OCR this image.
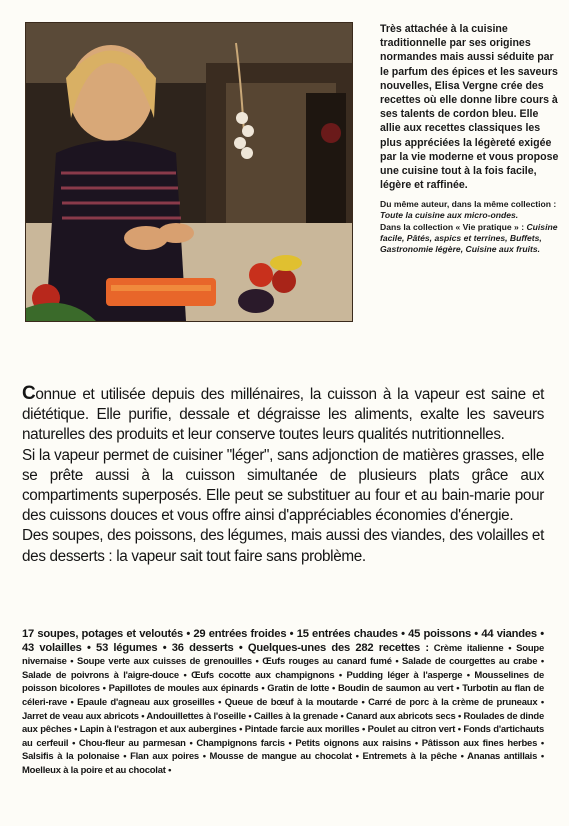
Très attachée à la cuisine traditionnelle par ses origines normandes mais aussi séduite par le parfum des épices et les saveurs nouvelles, Elisa Vergne crée des recettes où elle donne libre cours à ses talents de cordon bleu. Elle allie aux recettes classiques les plus appréciées la légèreté exigée par la vie moderne et vous propose une cuisine tout à la fois facile, légère et raffinée.

Du même auteur, dans la même collection : Toute la cuisine aux micro-ondes.

Dans la collection « Vie pratique » : Cuisine facile, Pâtés, aspics et terrines, Buffets, Gastronomie légère, Cuisine aux fruits.

Connue et utilisée depuis des millénaires, la cuisson à la vapeur est saine et diététique. Elle purifie, dessale et dégraisse les aliments, exalte les saveurs naturelles des produits et leur conserve toutes leurs qualités nutritionnelles.

Si la vapeur permet de cuisiner "léger", sans adjonction de matières grasses, elle se prête aussi à la cuisson simultanée de plusieurs plats grâce aux compartiments superposés. Elle peut se substituer au four et au bain-marie pour des cuissons douces et vous offre ainsi d'appréciables économies d'énergie.

Des soupes, des poissons, des légumes, mais aussi des viandes, des volailles et des desserts : la vapeur sait tout faire sans problème.

17 soupes, potages et veloutés • 29 entrées froides • 15 entrées chaudes • 45 poissons • 44 viandes • 43 volailles • 53 légumes • 36 desserts • Quelques-unes des 282 recettes : Crème italienne • Soupe nivernaise • Soupe verte aux cuisses de grenouilles • Œufs rouges au canard fumé • Salade de courgettes au crabe • Salade de poivrons à l'aigre-douce • Œufs cocotte aux champignons • Pudding léger à l'asperge • Mousselines de poisson bicolores • Papillotes de moules aux épinards • Gratin de lotte • Boudin de saumon au vert • Turbotin au flan de céleri-rave • Epaule d'agneau aux groseilles • Queue de bœuf à la moutarde • Carré de porc à la crème de pruneaux • Jarret de veau aux abricots • Andouillettes à l'oseille • Cailles à la grenade • Canard aux abricots secs • Roulades de dinde aux pêches • Lapin à l'estragon et aux aubergines • Pintade farcie aux morilles • Poulet au citron vert • Fonds d'artichauts au cerfeuil • Chou-fleur au parmesan • Champignons farcis • Petits oignons aux raisins • Pâtisson aux fines herbes • Salsifis à la polonaise • Flan aux poires • Mousse de mangue au chocolat • Entremets à la pêche • Ananas antillais • Moelleux à la poire et au chocolat •
